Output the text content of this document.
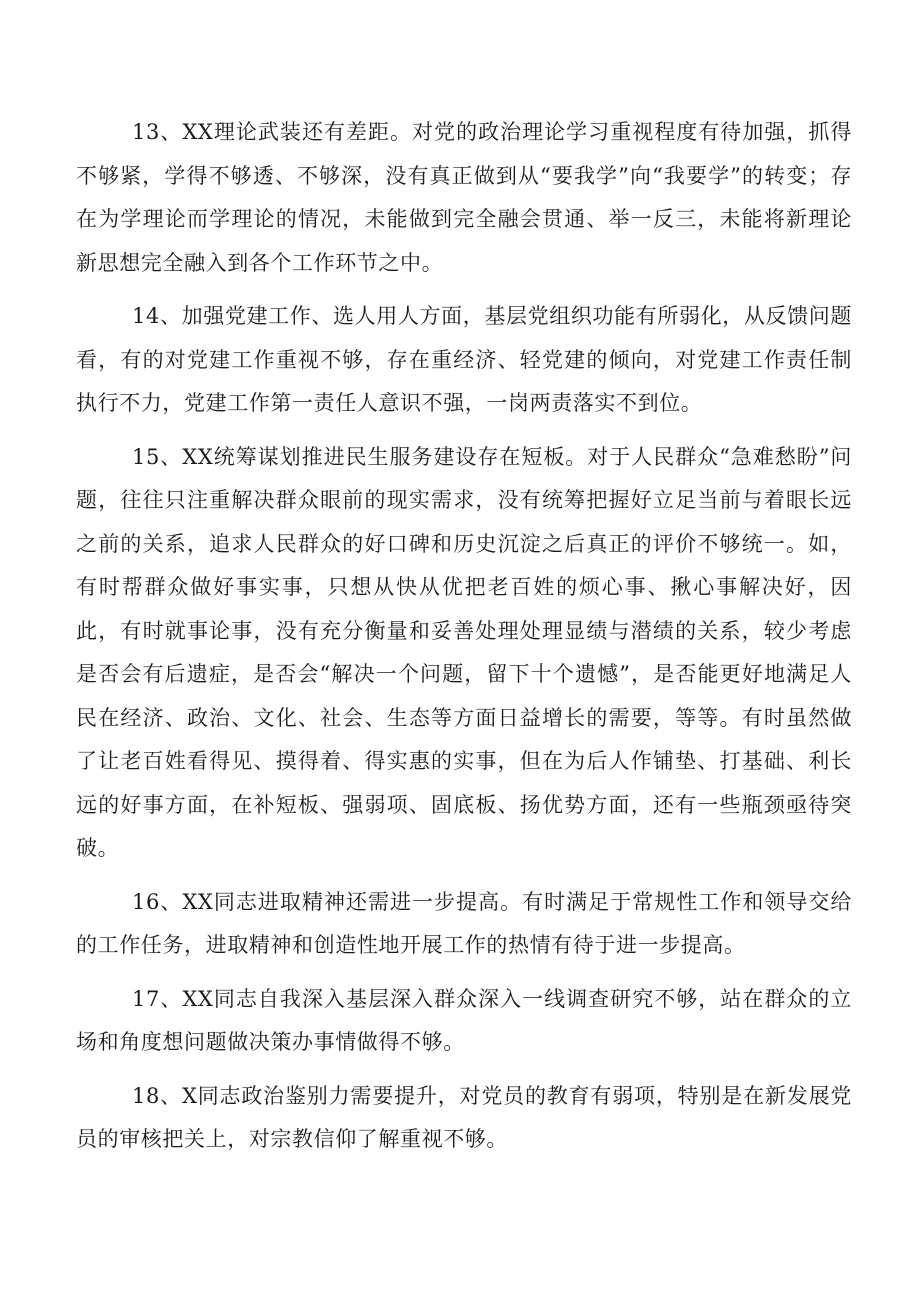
13、XX理论武装还有差距。对党的政治理论学习重视程度有待加强，抓得不够紧，学得不够透、不够深，没有真正做到从“要我学”向“我要学”的转变；存在为学理论而学理论的情况，未能做到完全融会贯通、举一反三，未能将新理论新思想完全融入到各个工作环节之中。

14、加强党建工作、选人用人方面，基层党组织功能有所弱化，从反馈问题看，有的对党建工作重视不够，存在重经济、轻党建的倾向，对党建工作责任制执行不力，党建工作第一责任人意识不强，一岗两责落实不到位。

15、XX统筹谋划推进民生服务建设存在短板。对于人民群众“急难愁盼”问题，往往只注重解决群众眼前的现实需求，没有统筹把握好立足当前与着眼长远之前的关系，追求人民群众的好口碑和历史沉淀之后真正的评价不够统一。如，有时帮群众做好事实事，只想从快从优把老百姓的烦心事、揪心事解决好，因此，有时就事论事，没有充分衡量和妥善处理处理显绩与潜绩的关系，较少考虑是否会有后遗症，是否会“解决一个问题，留下十个遗憾”，是否能更好地满足人民在经济、政治、文化、社会、生态等方面日益增长的需要，等等。有时虽然做了让老百姓看得见、摸得着、得实惠的实事，但在为后人作铺垫、打基础、利长远的好事方面，在补短板、强弱项、固底板、扬优势方面，还有一些瓶颈亟待突破。

16、XX同志进取精神还需进一步提高。有时满足于常规性工作和领导交给的工作任务，进取精神和创造性地开展工作的热情有待于进一步提高。

17、XX同志自我深入基层深入群众深入一线调查研究不够，站在群众的立场和角度想问题做决策办事情做得不够。

18、X同志政治鉴别力需要提升，对党员的教育有弱项，特别是在新发展党员的审核把关上，对宗教信仰了解重视不够。
